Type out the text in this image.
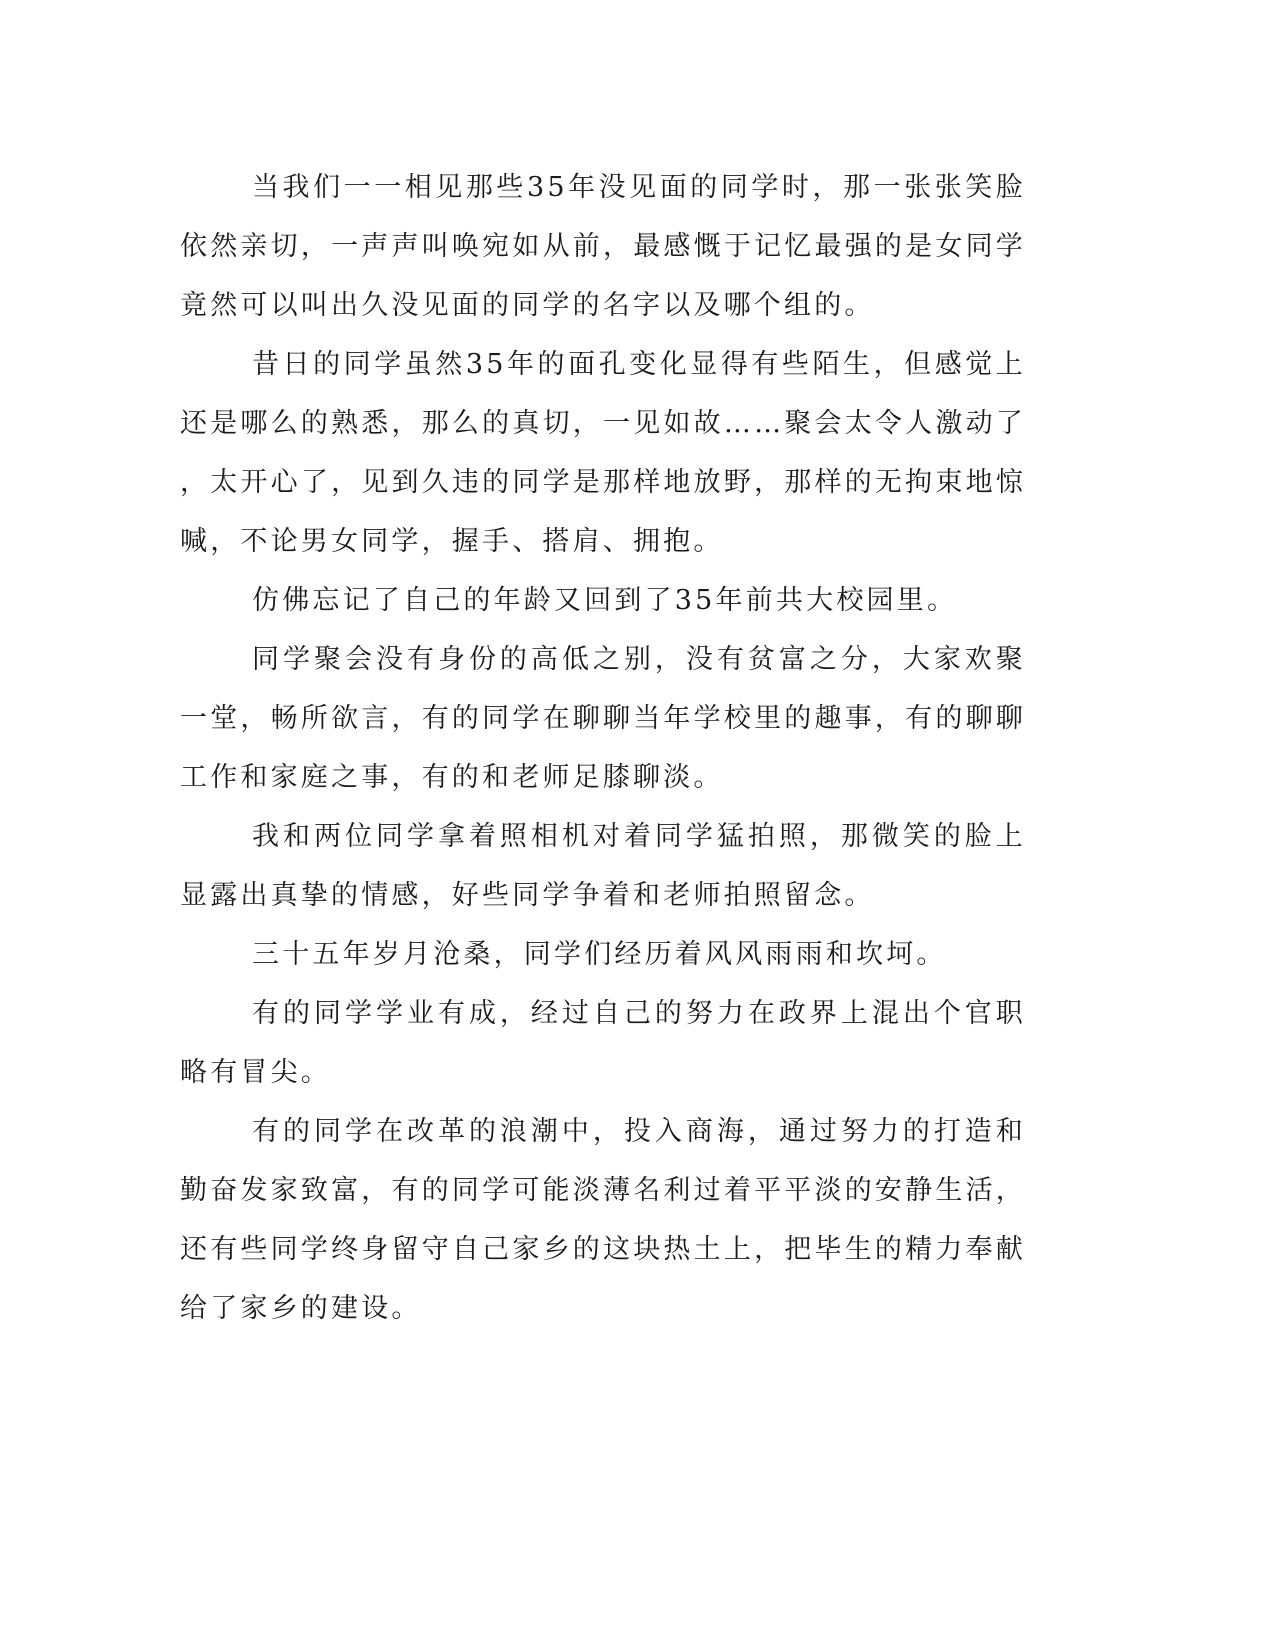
当我们一一相见那些35年没见面的同学时，那一张张笑脸依然亲切，一声声叫唤宛如从前，最感慨于记忆最强的是女同学竟然可以叫出久没见面的同学的名字以及哪个组的。

昔日的同学虽然35年的面孔变化显得有些陌生，但感觉上还是哪么的熟悉，那么的真切，一见如故……聚会太令人激动了，太开心了，见到久违的同学是那样地放野，那样的无拘束地惊喊，不论男女同学，握手、搭肩、拥抱。

仿佛忘记了自己的年龄又回到了35年前共大校园里。

同学聚会没有身份的高低之别，没有贫富之分，大家欢聚一堂，畅所欲言，有的同学在聊聊当年学校里的趣事，有的聊聊工作和家庭之事，有的和老师足膝聊淡。

我和两位同学拿着照相机对着同学猛拍照，那微笑的脸上显露出真挚的情感，好些同学争着和老师拍照留念。

三十五年岁月沧桑，同学们经历着风风雨雨和坎坷。

有的同学学业有成，经过自己的努力在政界上混出个官职略有冒尖。

有的同学在改革的浪潮中，投入商海，通过努力的打造和勤奋发家致富，有的同学可能淡薄名利过着平平淡的安静生活，还有些同学终身留守自己家乡的这块热土上，把毕生的精力奉献给了家乡的建设。
